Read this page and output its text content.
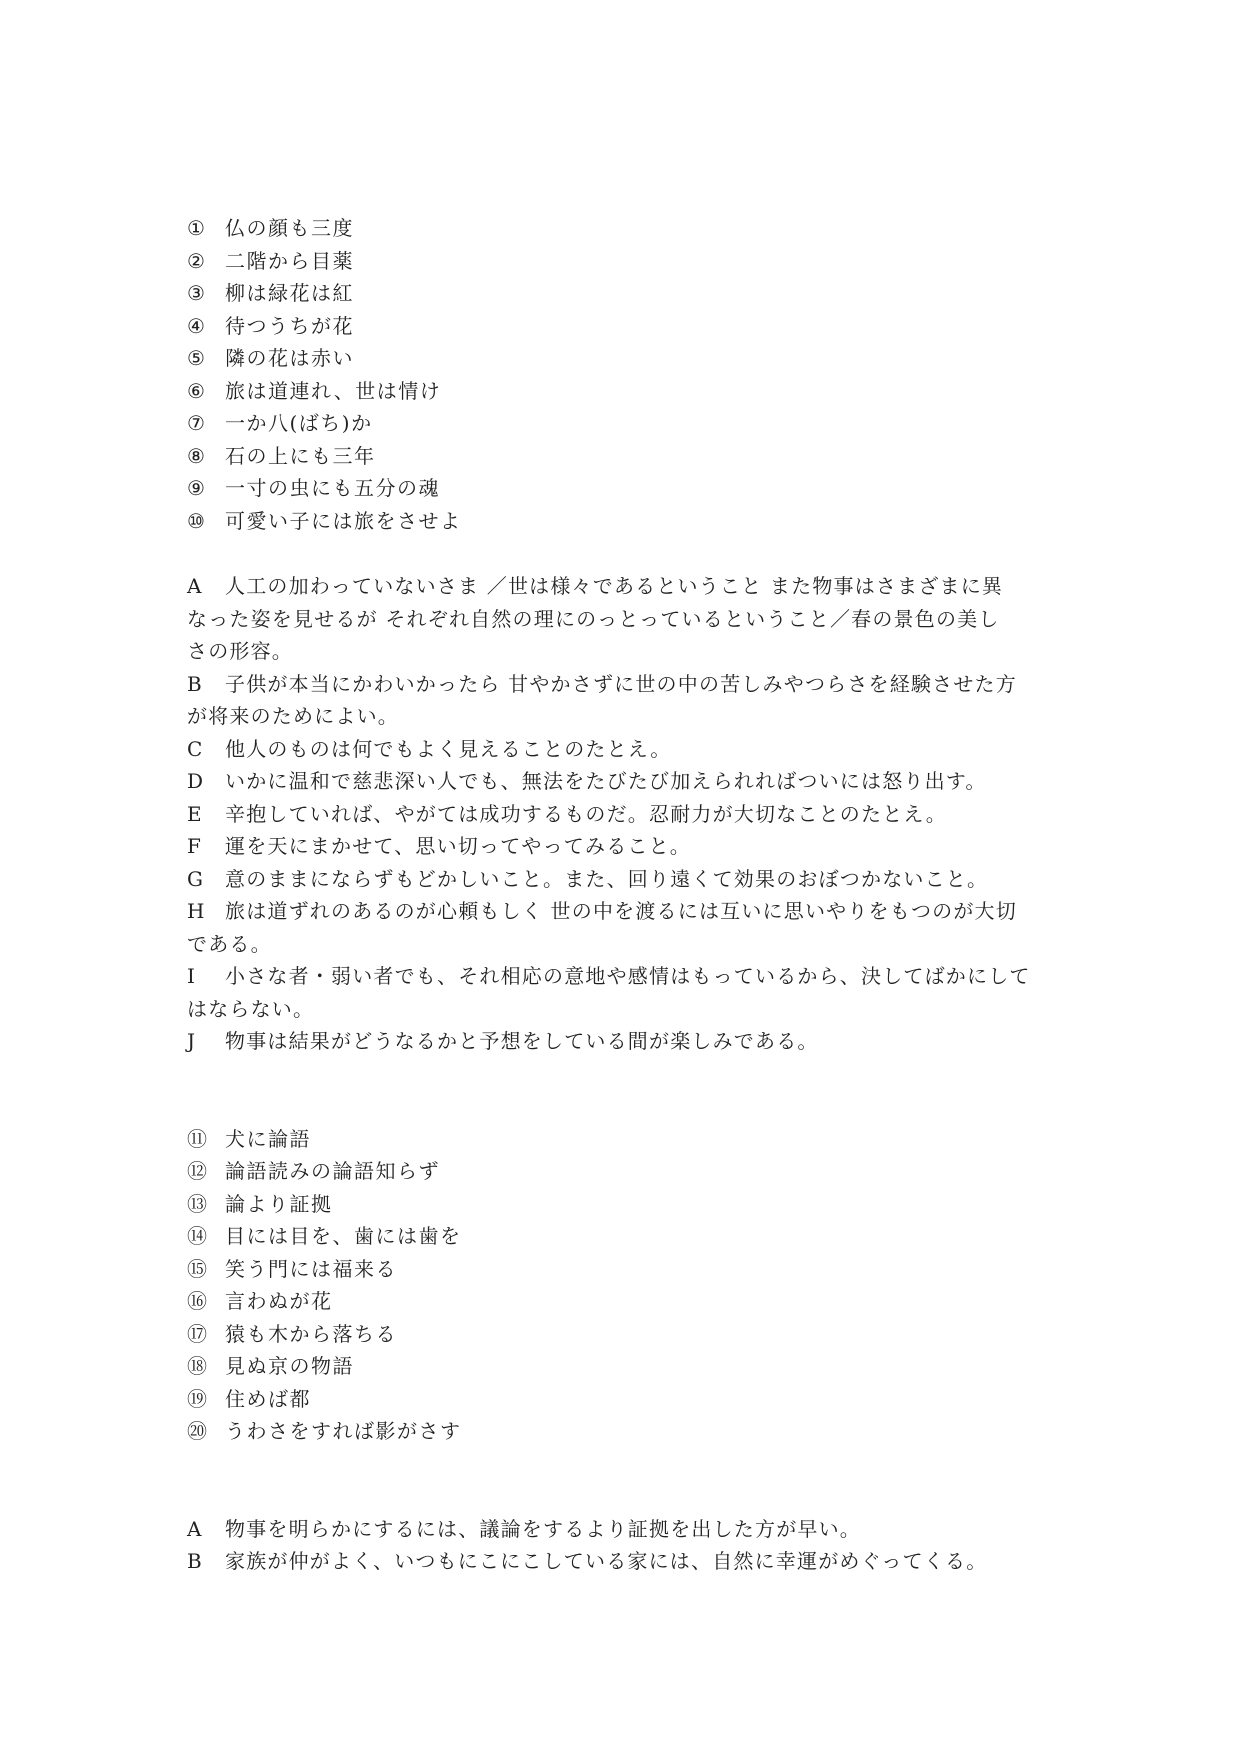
① 仏の顔も三度
② 二階から目薬
③ 柳は緑花は紅
④ 待つうちが花
⑤ 隣の花は赤い
⑥ 旅は道連れ、世は情け
⑦ 一か八(ばち)か
⑧ 石の上にも三年
⑨ 一寸の虫にも五分の魂
⑩ 可愛い子には旅をさせよ
A 人工の加わっていないさま ／世は様々であるということ また物事はさまざまに異
なった姿を見せるが それぞれ自然の理にのっとっているということ／春の景色の美し
さの形容。
B 子供が本当にかわいかったら 甘やかさずに世の中の苦しみやつらさを経験させた方
が将来のためによい。
C 他人のものは何でもよく見えることのたとえ。
D いかに温和で慈悲深い人でも、無法をたびたび加えられればついには怒り出す。
E 辛抱していれば、やがては成功するものだ。忍耐力が大切なことのたとえ。
F 運を天にまかせて、思い切ってやってみること。
G 意のままにならずもどかしいこと。また、回り遠くて効果のおぼつかないこと。
H 旅は道ずれのあるのが心頼もしく 世の中を渡るには互いに思いやりをもつのが大切
である。
I 小さな者・弱い者でも、それ相応の意地や感情はもっているから、決してばかにして
はならない。
J 物事は結果がどうなるかと予想をしている間が楽しみである。
⑪ 犬に論語
⑫ 論語読みの論語知らず
⑬ 論より証拠
⑭ 目には目を、歯には歯を
⑮ 笑う門には福来る
⑯ 言わぬが花
⑰ 猿も木から落ちる
⑱ 見ぬ京の物語
⑲ 住めば都
⑳ うわさをすれば影がさす
A 物事を明らかにするには、議論をするより証拠を出した方が早い。
B 家族が仲がよく、いつもにこにこしている家には、自然に幸運がめぐってくる。
